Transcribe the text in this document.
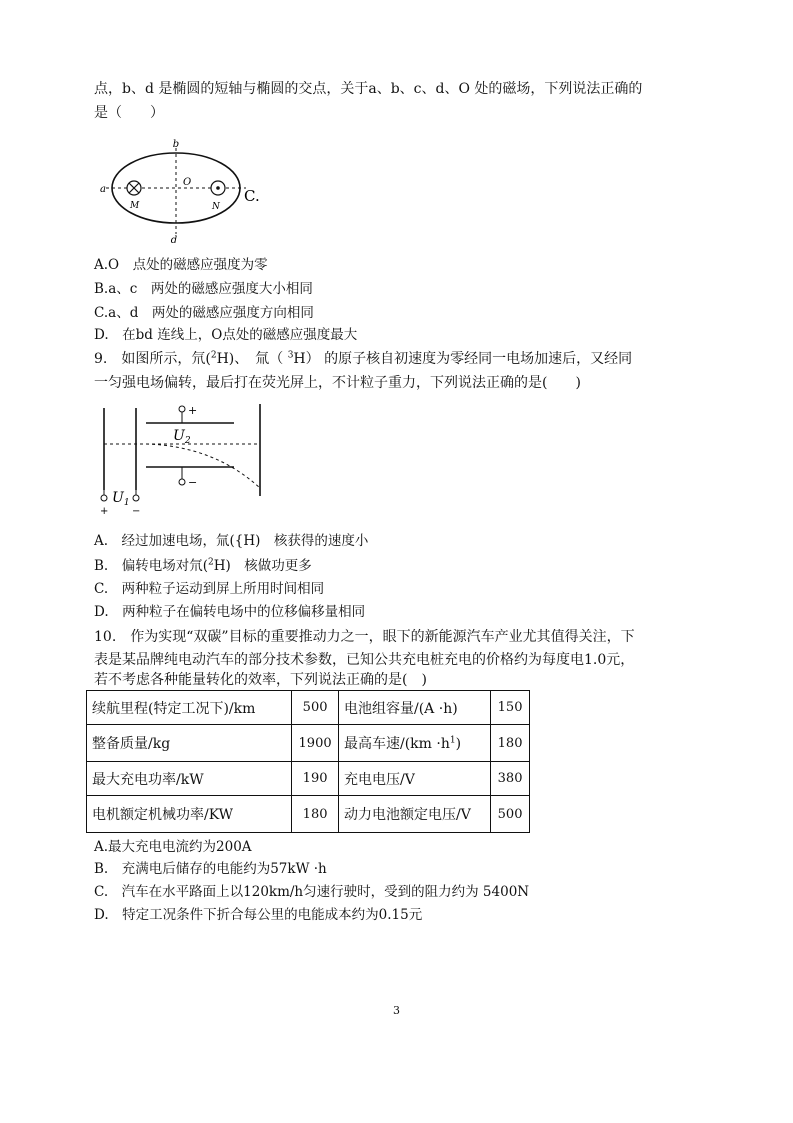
点，b、d 是椭圆的短轴与椭圆的交点，关于a、b、c、d、O 处的磁场，下列说法正确的
是（　　）
b
a
O
M	N
C.
d
A.O　点处的磁感应强度为零
B.a、c　两处的磁感应强度大小相同
C.a、d　两处的磁感应强度方向相同
D.　在bd 连线上，O点处的磁感应强度最大
9.　如图所示，氘($^2$H)、　氚（ $^3$H） 的原子核自初速度为零经同一电场加速后，又经同
一匀强电场偏转，最后打在荧光屏上，不计粒子重力，下列说法正确的是(　　)
+
$U_2$
−
$U_1$
+ −
A.　经过加速电场，氚({H)　核获得的速度小
B.　偏转电场对氘($^2$H)　核做功更多
C.　两种粒子运动到屏上所用时间相同
D.　两种粒子在偏转电场中的位移偏移量相同
10.　作为实现“双碳”目标的重要推动力之一，眼下的新能源汽车产业尤其值得关注，下
表是某品牌纯电动汽车的部分技术参数，已知公共充电桩充电的价格约为每度电1.0元，
若不考虑各种能量转化的效率，下列说法正确的是(　)
续航里程(特定工况下)/km	500	电池组容量/(A ·h)	150
整备质量/kg	1900	最高车速$/(km \cdot h^1)$	180
最大充电功率/kW	190	充电电压/V	380
电机额定机械功率/KW	180	动力电池额定电压/V	500
A.最大充电电流约为200A
B.　充满电后储存的电能约为57kW ·h
C.　汽车在水平路面上以120km/h匀速行驶时，受到的阻力约为 5400N
D.　特定工况条件下折合每公里的电能成本约为0.15元
3
